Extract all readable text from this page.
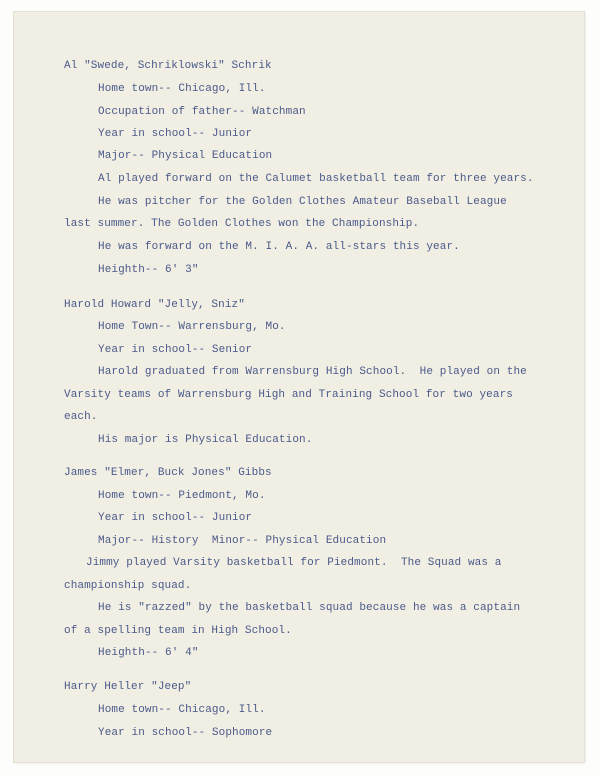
Al "Swede, Schriklowski" Schrik
Home town-- Chicago, Ill.
Occupation of father-- Watchman
Year in school-- Junior
Major-- Physical Education
Al played forward on the Calumet basketball team for three years.
He was pitcher for the Golden Clothes Amateur Baseball League
last summer. The Golden Clothes won the Championship.
He was forward on the M. I. A. A. all-stars this year.
Heighth-- 6' 3"
Harold Howard "Jelly, Sniz"
Home Town-- Warrensburg, Mo.
Year in school-- Senior
Harold graduated from Warrensburg High School.  He played on the
Varsity teams of Warrensburg High and Training School for two years
each.
His major is Physical Education.
James "Elmer, Buck Jones" Gibbs
Home town-- Piedmont, Mo.
Year in school-- Junior
Major-- History  Minor-- Physical Education
Jimmy played Varsity basketball for Piedmont.  The Squad was a
championship squad.
He is "razzed" by the basketball squad because he was a captain
of a spelling team in High School.
Heighth-- 6' 4"
Harry Heller "Jeep"
Home town-- Chicago, Ill.
Year in school-- Sophomore
